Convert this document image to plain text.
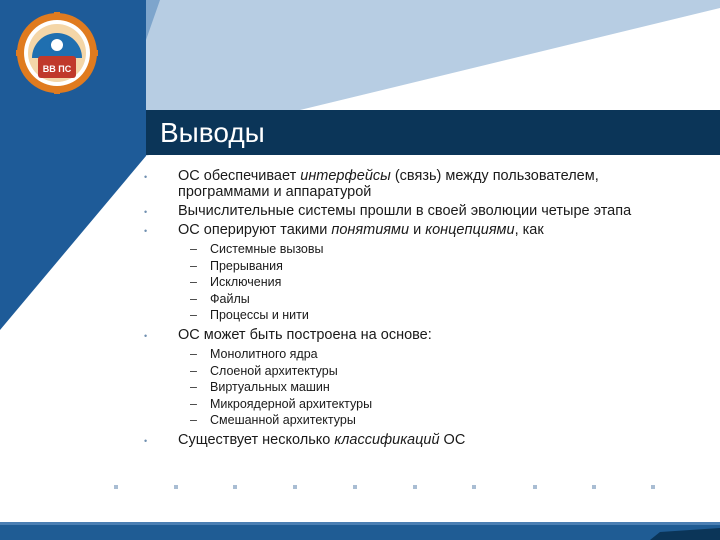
ВВ ПС
Выводы
• ОС обеспечивает интерфейсы (связь) между пользователем,
программами и аппаратурой
• Вычислительные системы прошли в своей эволюции четыре этапа
• ОС оперируют такими понятиями и концепциями, как
– Системные вызовы
– Прерывания
– Исключения
– Файлы
– Процессы и нити
• ОС может быть построена на основе:
– Монолитного ядра
– Слоеной архитектуры
– Виртуальных машин
– Микроядерной архитектуры
– Смешанной архитектуры
• Существует несколько классификаций ОС
